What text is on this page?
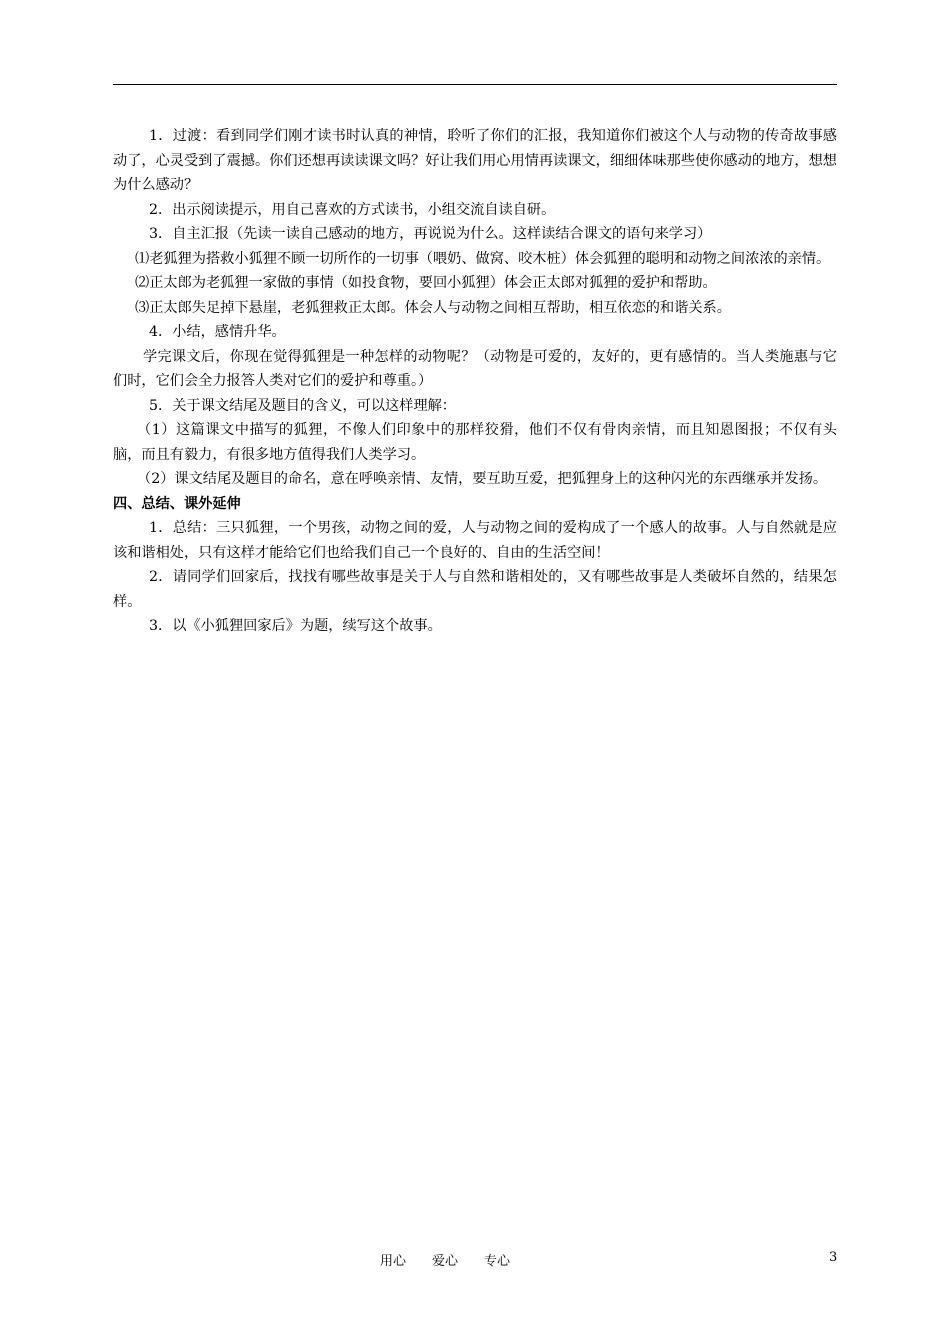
1．过渡：看到同学们刚才读书时认真的神情，聆听了你们的汇报，我知道你们被这个人与动物的传奇故事感动了，心灵受到了震撼。你们还想再读读课文吗？好让我们用心用情再读课文，细细体味那些使你感动的地方，想想为什么感动？

2．出示阅读提示，用自己喜欢的方式读书，小组交流自读自研。

3．自主汇报（先读一读自己感动的地方，再说说为什么。这样读结合课文的语句来学习）

⑴老狐狸为搭救小狐狸不顾一切所作的一切事（喂奶、做窝、咬木桩）体会狐狸的聪明和动物之间浓浓的亲情。

⑵正太郎为老狐狸一家做的事情（如投食物，要回小狐狸）体会正太郎对狐狸的爱护和帮助。

⑶正太郎失足掉下悬崖，老狐狸救正太郎。体会人与动物之间相互帮助，相互依恋的和谐关系。

4．小结，感情升华。

学完课文后，你现在觉得狐狸是一种怎样的动物呢？（动物是可爱的，友好的，更有感情的。当人类施惠与它们时，它们会全力报答人类对它们的爱护和尊重。）

5．关于课文结尾及题目的含义，可以这样理解：

（1）这篇课文中描写的狐狸，不像人们印象中的那样狡猾，他们不仅有骨肉亲情，而且知恩图报；不仅有头脑，而且有毅力，有很多地方值得我们人类学习。

（2）课文结尾及题目的命名，意在呼唤亲情、友情，要互助互爱，把狐狸身上的这种闪光的东西继承并发扬。

四、总结、课外延伸

1．总结：三只狐狸，一个男孩，动物之间的爱，人与动物之间的爱构成了一个感人的故事。人与自然就是应该和谐相处，只有这样才能给它们也给我们自己一个良好的、自由的生活空间！

2．请同学们回家后，找找有哪些故事是关于人与自然和谐相处的，又有哪些故事是人类破坏自然的，结果怎样。

3．以《小狐狸回家后》为题，续写这个故事。

用心　　爱心　　专心	3
